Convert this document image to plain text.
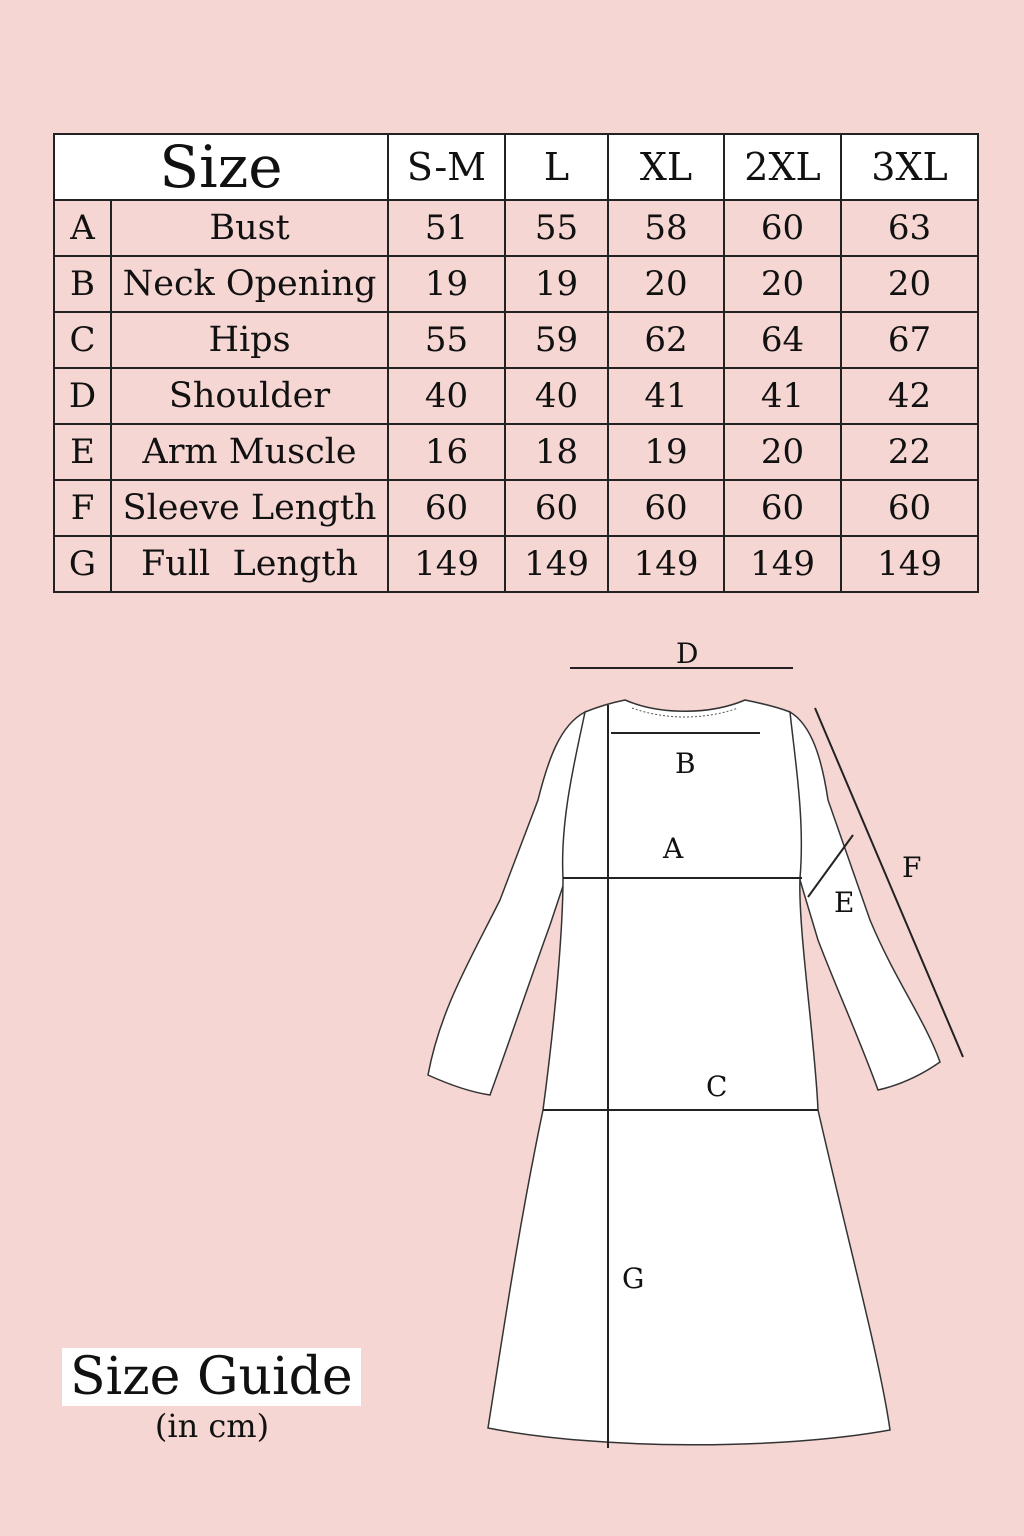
Size		S-M	L	XL	2XL	3XL
A	Bust	51	55	58	60	63
B	Neck Opening	19	19	20	20	20
C	Hips	55	59	62	64	67
D	Shoulder	40	40	41	41	42
E	Arm Muscle	16	18	19	20	22
F	Sleeve Length	60	60	60	60	60
G	Full  Length	149	149	149	149	149
D
B
A
E
F
C
G
Size Guide
(in cm)
